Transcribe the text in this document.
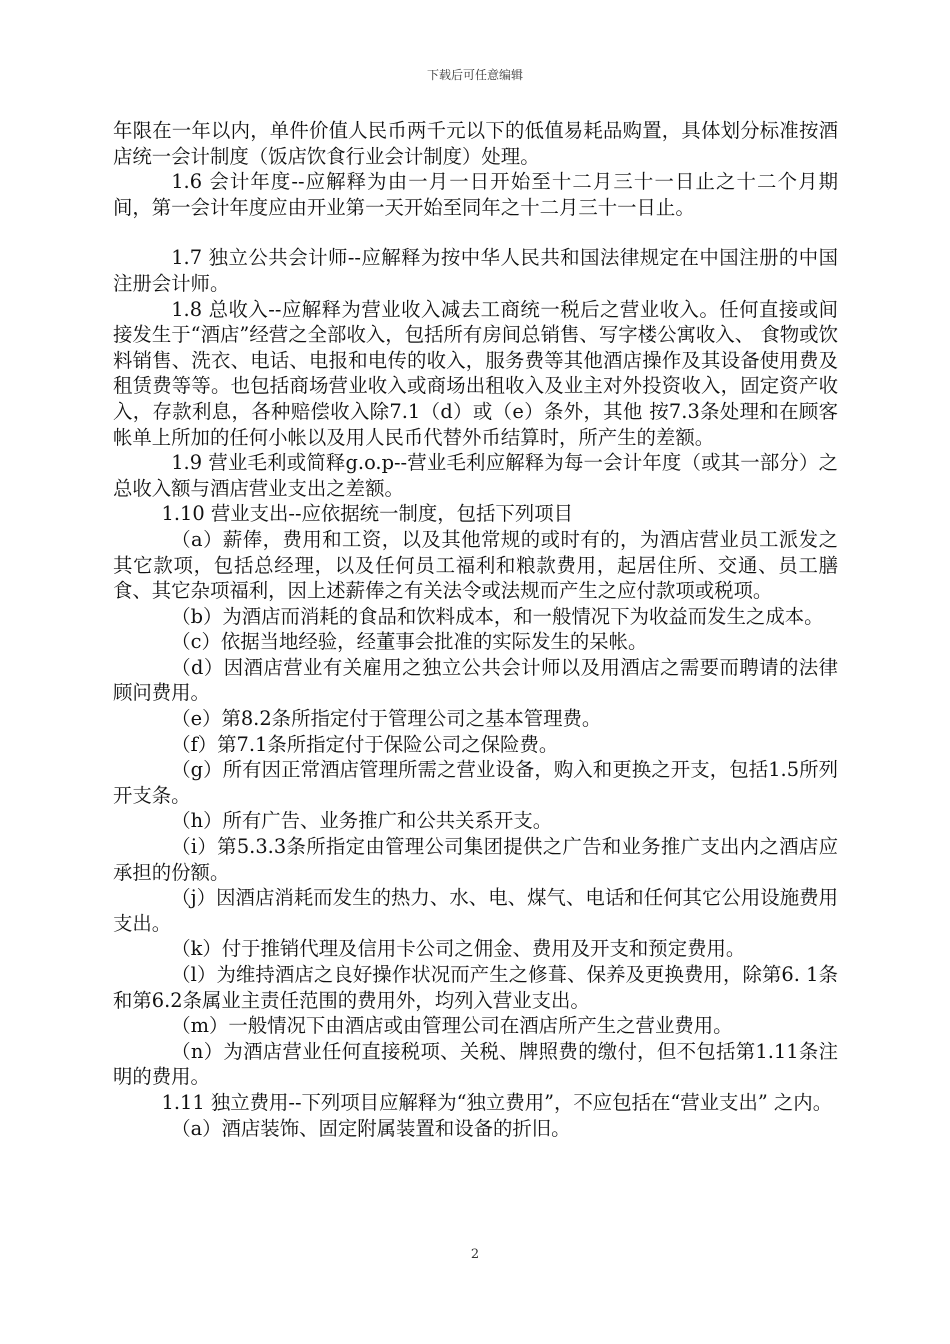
下载后可任意编辑

年限在一年以内，单件价值人民币两千元以下的低值易耗品购置，具体划分标准按酒店统一会计制度（饭店饮食行业会计制度）处理。

1.6 会计年度--应解释为由一月一日开始至十二月三十一日止之十二个月期间，第一会计年度应由开业第一天开始至同年之十二月三十一日止。

1.7 独立公共会计师--应解释为按中华人民共和国法律规定在中国注册的中国注册会计师。

1.8 总收入--应解释为营业收入减去工商统一税后之营业收入。任何直接或间接发生于“酒店”经营之全部收入，包括所有房间总销售、写字楼公寓收入、 食物或饮料销售、洗衣、电话、电报和电传的收入，服务费等其他酒店操作及其设备使用费及租赁费等等。也包括商场营业收入或商场出租收入及业主对外投资收入，固定资产收入，存款利息，各种赔偿收入除7.1（d）或（e）条外，其他 按7.3条处理和在顾客帐单上所加的任何小帐以及用人民币代替外币结算时，所产生的差额。

1.9 营业毛利或简释g.o.p--营业毛利应解释为每一会计年度（或其一部分）之总收入额与酒店营业支出之差额。

1.10 营业支出--应依据统一制度，包括下列项目

（a）薪俸，费用和工资，以及其他常规的或时有的，为酒店营业员工派发之其它款项，包括总经理，以及任何员工福利和粮款费用，起居住所、交通、员工膳食、其它杂项福利，因上述薪俸之有关法令或法规而产生之应付款项或税项。

（b）为酒店而消耗的食品和饮料成本，和一般情况下为收益而发生之成本。

（c）依据当地经验，经董事会批准的实际发生的呆帐。

（d）因酒店营业有关雇用之独立公共会计师以及用酒店之需要而聘请的法律顾问费用。

（e）第8.2条所指定付于管理公司之基本管理费。

（f）第7.1条所指定付于保险公司之保险费。

（g）所有因正常酒店管理所需之营业设备，购入和更换之开支，包括1.5所列开支条。

（h）所有广告、业务推广和公共关系开支。

（i）第5.3.3条所指定由管理公司集团提供之广告和业务推广支出内之酒店应承担的份额。

（j）因酒店消耗而发生的热力、水、电、煤气、电话和任何其它公用设施费用支出。

（k）付于推销代理及信用卡公司之佣金、费用及开支和预定费用。

（l）为维持酒店之良好操作状况而产生之修葺、保养及更换费用，除第6. 1条和第6.2条属业主责任范围的费用外，均列入营业支出。

（m）一般情况下由酒店或由管理公司在酒店所产生之营业费用。

（n）为酒店营业任何直接税项、关税、牌照费的缴付，但不包括第1.11条注明的费用。

1.11 独立费用--下列项目应解释为“独立费用”，不应包括在“营业支出” 之内。

（a）酒店装饰、固定附属装置和设备的折旧。

2
